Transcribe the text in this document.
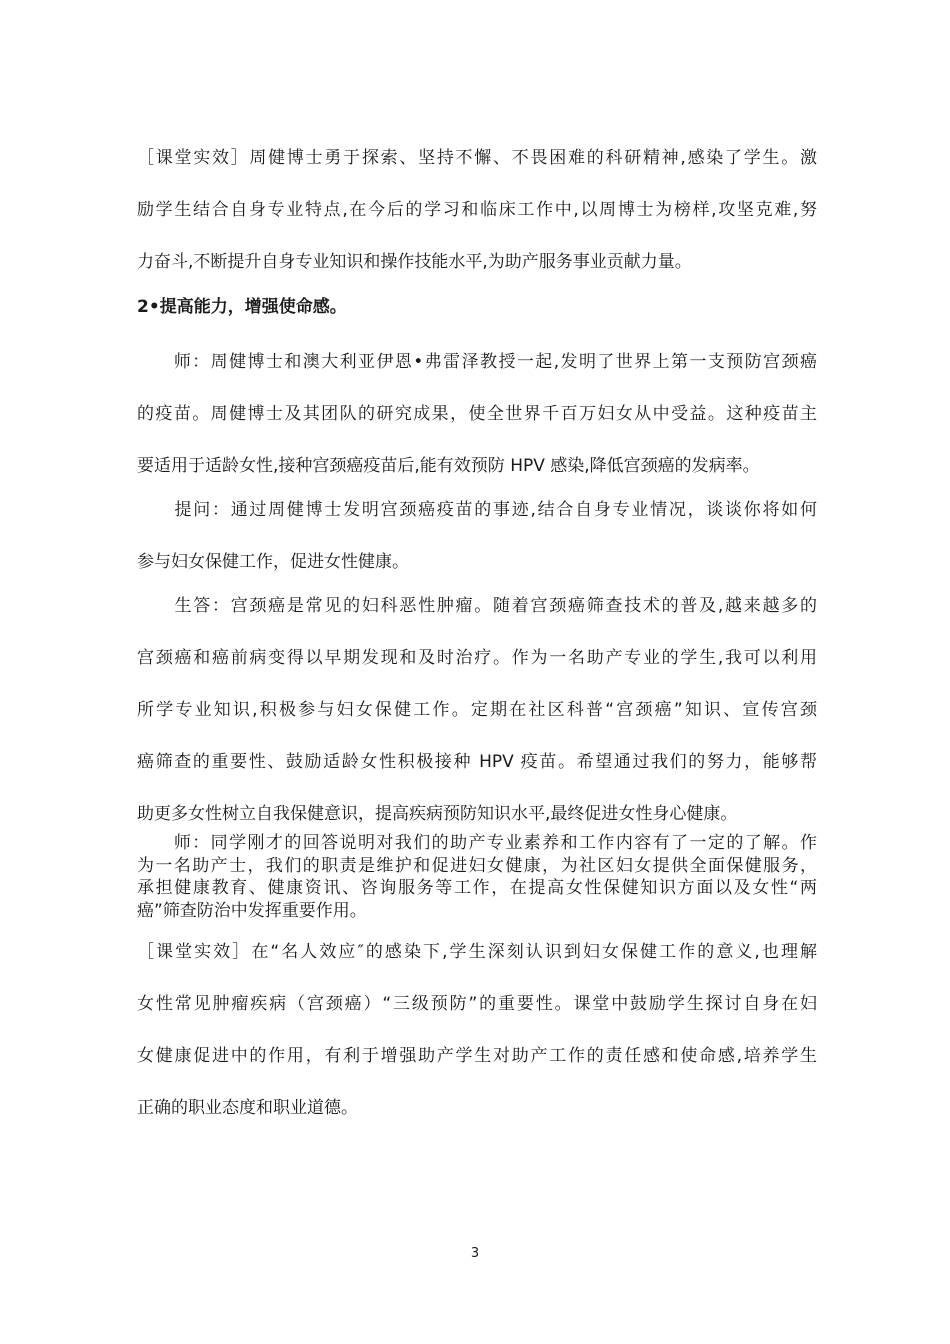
［课堂实效］周健博士勇于探索、坚持不懈、不畏困难的科研精神,感染了学生。激
励学生结合自身专业特点,在今后的学习和临床工作中,以周博士为榜样,攻坚克难,努
力奋斗,不断提升自身专业知识和操作技能水平,为助产服务事业贡献力量。

2•提高能力，增强使命感。

　　师：周健博士和澳大利亚伊恩•弗雷泽教授一起,发明了世界上第一支预防宫颈癌
的疫苗。周健博士及其团队的研究成果，使全世界千百万妇女从中受益。这种疫苗主
要适用于适龄女性,接种宫颈癌疫苗后,能有效预防 HPV 感染,降低宫颈癌的发病率。

　　提问：通过周健博士发明宫颈癌疫苗的事迹,结合自身专业情况，谈谈你将如何
参与妇女保健工作，促进女性健康。

　　生答：宫颈癌是常见的妇科恶性肿瘤。随着宫颈癌筛查技术的普及,越来越多的
宫颈癌和癌前病变得以早期发现和及时治疗。作为一名助产专业的学生,我可以利用
所学专业知识,积极参与妇女保健工作。定期在社区科普“宫颈癌”知识、宣传宫颈
癌筛查的重要性、鼓励适龄女性积极接种 HPV 疫苗。希望通过我们的努力，能够帮
助更多女性树立自我保健意识，提高疾病预防知识水平,最终促进女性身心健康。

　　师：同学刚才的回答说明对我们的助产专业素养和工作内容有了一定的了解。作
为一名助产士，我们的职责是维护和促进妇女健康，为社区妇女提供全面保健服务，
承担健康教育、健康资讯、咨询服务等工作，在提高女性保健知识方面以及女性“两
癌”筛查防治中发挥重要作用。

［课堂实效］在“名人效应″的感染下,学生深刻认识到妇女保健工作的意义,也理解
女性常见肿瘤疾病（宫颈癌）“三级预防”的重要性。课堂中鼓励学生探讨自身在妇
女健康促进中的作用，有利于增强助产学生对助产工作的责任感和使命感,培养学生
正确的职业态度和职业道德。

3
